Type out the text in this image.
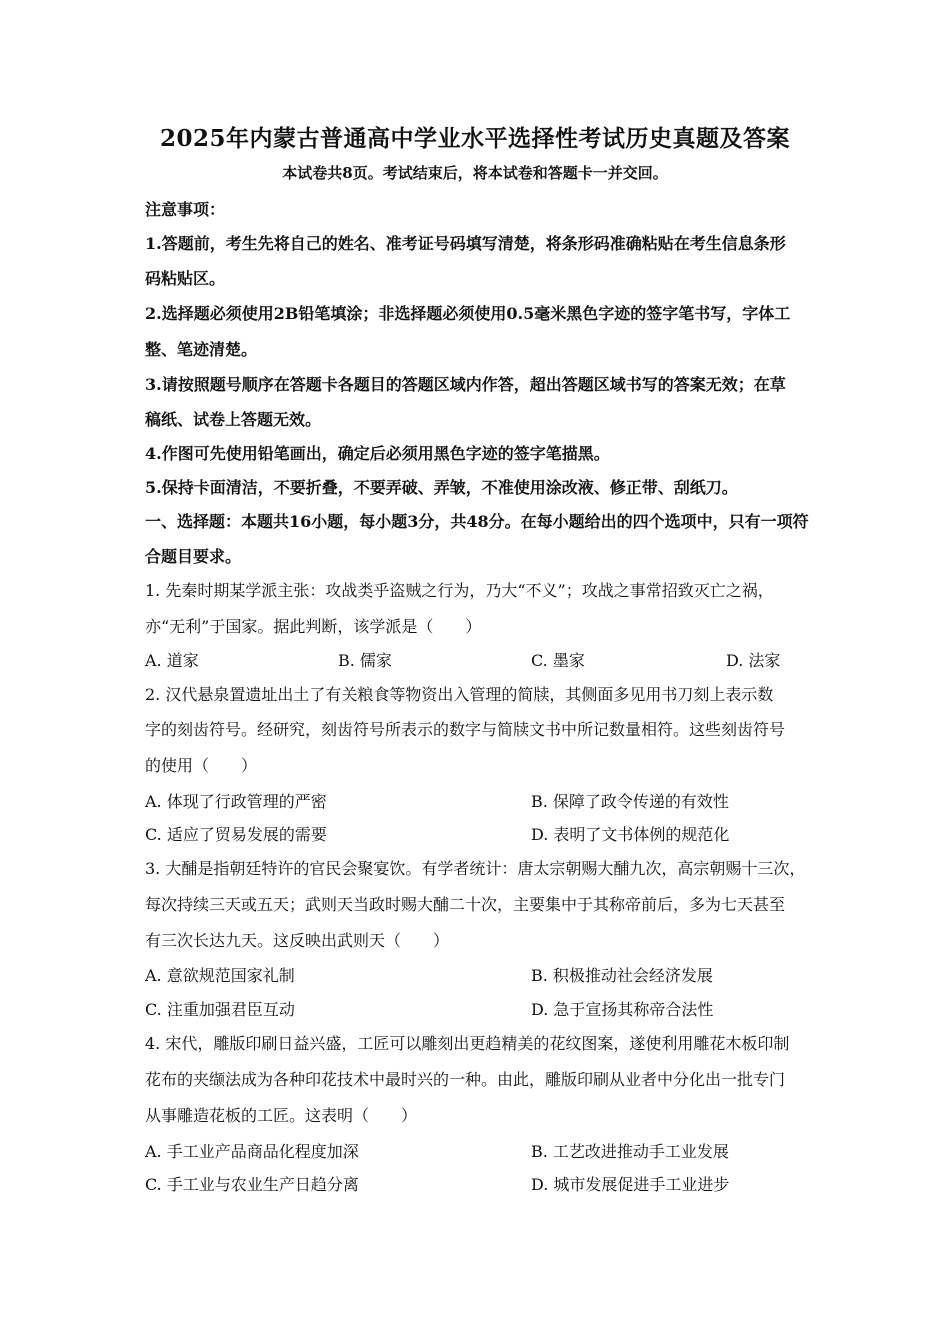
2025年内蒙古普通高中学业水平选择性考试历史真题及答案
本试卷共8页。考试结束后，将本试卷和答题卡一并交回。
注意事项：
1.答题前，考生先将自己的姓名、准考证号码填写清楚，将条形码准确粘贴在考生信息条形
码粘贴区。
2.选择题必须使用2B铅笔填涂；非选择题必须使用0.5毫米黑色字迹的签字笔书写，字体工
整、笔迹清楚。
3.请按照题号顺序在答题卡各题目的答题区域内作答，超出答题区域书写的答案无效；在草
稿纸、试卷上答题无效。
4.作图可先使用铅笔画出，确定后必须用黑色字迹的签字笔描黑。
5.保持卡面清洁，不要折叠，不要弄破、弄皱，不准使用涂改液、修正带、刮纸刀。
一、选择题：本题共16小题，每小题3分，共48分。在每小题给出的四个选项中，只有一项符
合题目要求。
1. 先秦时期某学派主张：攻战类乎盗贼之行为，乃大“不义”；攻战之事常招致灭亡之祸，
亦“无利”于国家。据此判断，该学派是（　　）
A. 道家	B. 儒家	C. 墨家	D. 法家
2. 汉代悬泉置遗址出土了有关粮食等物资出入管理的简牍，其侧面多见用书刀刻上表示数
字的刻齿符号。经研究，刻齿符号所表示的数字与简牍文书中所记数量相符。这些刻齿符号
的使用（　　）
A. 体现了行政管理的严密	B. 保障了政令传递的有效性
C. 适应了贸易发展的需要	D. 表明了文书体例的规范化
3. 大酺是指朝廷特许的官民会聚宴饮。有学者统计：唐太宗朝赐大酺九次，高宗朝赐十三次，
每次持续三天或五天；武则天当政时赐大酺二十次，主要集中于其称帝前后，多为七天甚至
有三次长达九天。这反映出武则天（　　）
A. 意欲规范国家礼制	B. 积极推动社会经济发展
C. 注重加强君臣互动	D. 急于宣扬其称帝合法性
4. 宋代，雕版印刷日益兴盛，工匠可以雕刻出更趋精美的花纹图案，遂使利用雕花木板印制
花布的夹缬法成为各种印花技术中最时兴的一种。由此，雕版印刷从业者中分化出一批专门
从事雕造花板的工匠。这表明（　　）
A. 手工业产品商品化程度加深	B. 工艺改进推动手工业发展
C. 手工业与农业生产日趋分离	D. 城市发展促进手工业进步
